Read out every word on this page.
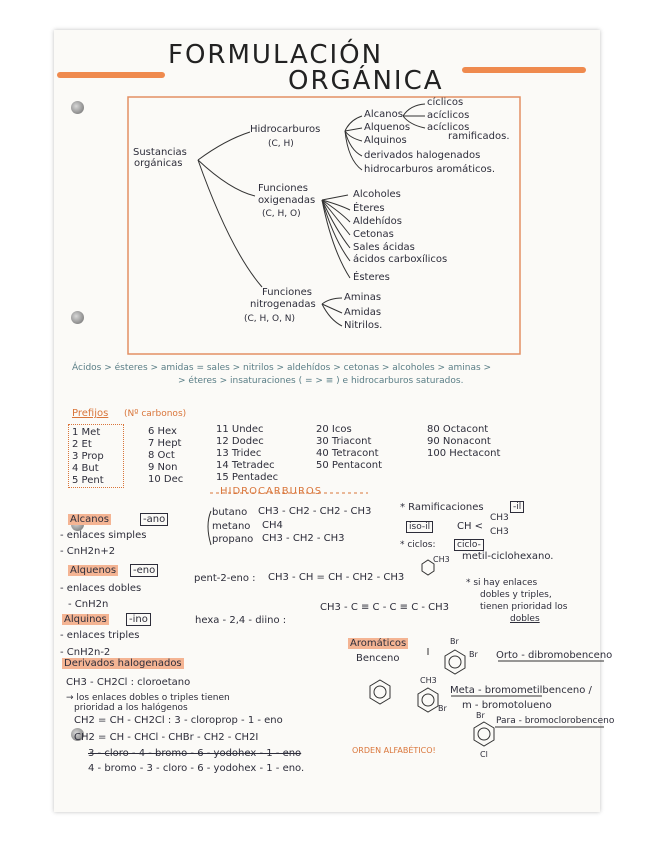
FORMULACIÓN
ORGÁNICA
Sustancias
orgánicas
Hidrocarburos
(C, H)
Alcanos
Alquenos
Alquinos
derivados halogenados
hidrocarburos aromáticos.
cíclicos
acíclicos
acíclicos
ramificados.
Funciones
oxigenadas
(C, H, O)
Alcoholes
Éteres
Aldehídos
Cetonas
Sales ácidas
ácidos carboxílicos
Ésteres
Funciones
nitrogenadas
(C, H, O, N)
Aminas
Amidas
Nitrilos.
Ácidos > ésteres > amidas = sales > nitrilos > aldehídos > cetonas > alcoholes > aminas >
> éteres > insaturaciones ( = > ≡ ) e hidrocarburos saturados.
Prefijos (Nº carbonos)
1 Met
2 Et
3 Prop
4 But
5 Pent
6 Hex
7 Hept
8 Oct
9 Non
10 Dec
11 Undec
12 Dodec
13 Tridec
14 Tetradec
15 Pentadec
20 Icos
30 Triacont
40 Tetracont
50 Pentacont
80 Octacont
90 Nonacont
100 Hectacont
HIDROCARBUROS
Alcanos	-ano
- enlaces simples
- CnH2n+2
butano CH3 - CH2 - CH2 - CH3
metano CH4
propano CH3 - CH2 - CH3
* Ramificaciones	-il
iso-il	CH <
CH3
CH3
* ciclos:	ciclo-
CH3 metil-ciclohexano.
Alquenos	-eno
- enlaces dobles
- CnH2n
pent-2-eno : CH3 - CH = CH - CH2 - CH3	* si hay enlaces
dobles y triples,
tienen prioridad los
dobles
Alquinos	-ino
- enlaces triples
- CnH2n-2
hexa - 2,4 - diino :
CH3 - C ≡ C - C ≡ C - CH3
Derivados halogenados
CH3 - CH2Cl : cloroetano
→ los enlaces dobles o triples tienen
prioridad a los halógenos
CH2 = CH - CH2Cl : 3 - cloroprop - 1 - eno
CH2 = CH - CHCl - CHBr - CH2 - CH2I
3 - cloro - 4 - bromo - 6 - yodohex - 1 - eno	ORDEN ALFABÉTICO!
4 - bromo - 3 - cloro - 6 - yodohex - 1 - eno.
Aromáticos
Benceno
Br
Br Orto - dibromobenceno
CH3
Br
Meta - bromometilbenceno /
m - bromotolueno
Br
Para - bromoclorobenceno
Cl
